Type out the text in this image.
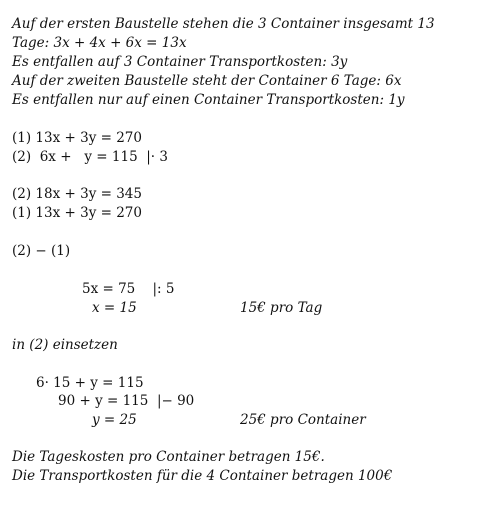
Auf der ersten Baustelle stehen die 3 Container insgesamt 13
Tage: 3x + 4x + 6x = 13x
Es entfallen auf 3 Container Transportkosten: 3y
Auf der zweiten Baustelle steht der Container 6 Tage: 6x
Es entfallen nur auf einen Container Transportkosten: 1y
(1) 13x + 3y = 270
(2)  6x +   y = 115  |· 3
(2) 18x + 3y = 345
(1) 13x + 3y = 270
(2) − (1)
5x = 75    |: 5
x = 15	15€ pro Tag
in (2) einsetzen
6· 15 + y = 115
90 + y = 115  |− 90
y = 25	25€ pro Container
Die Tageskosten pro Container betragen 15€.
Die Transportkosten für die 4 Container betragen 100€
